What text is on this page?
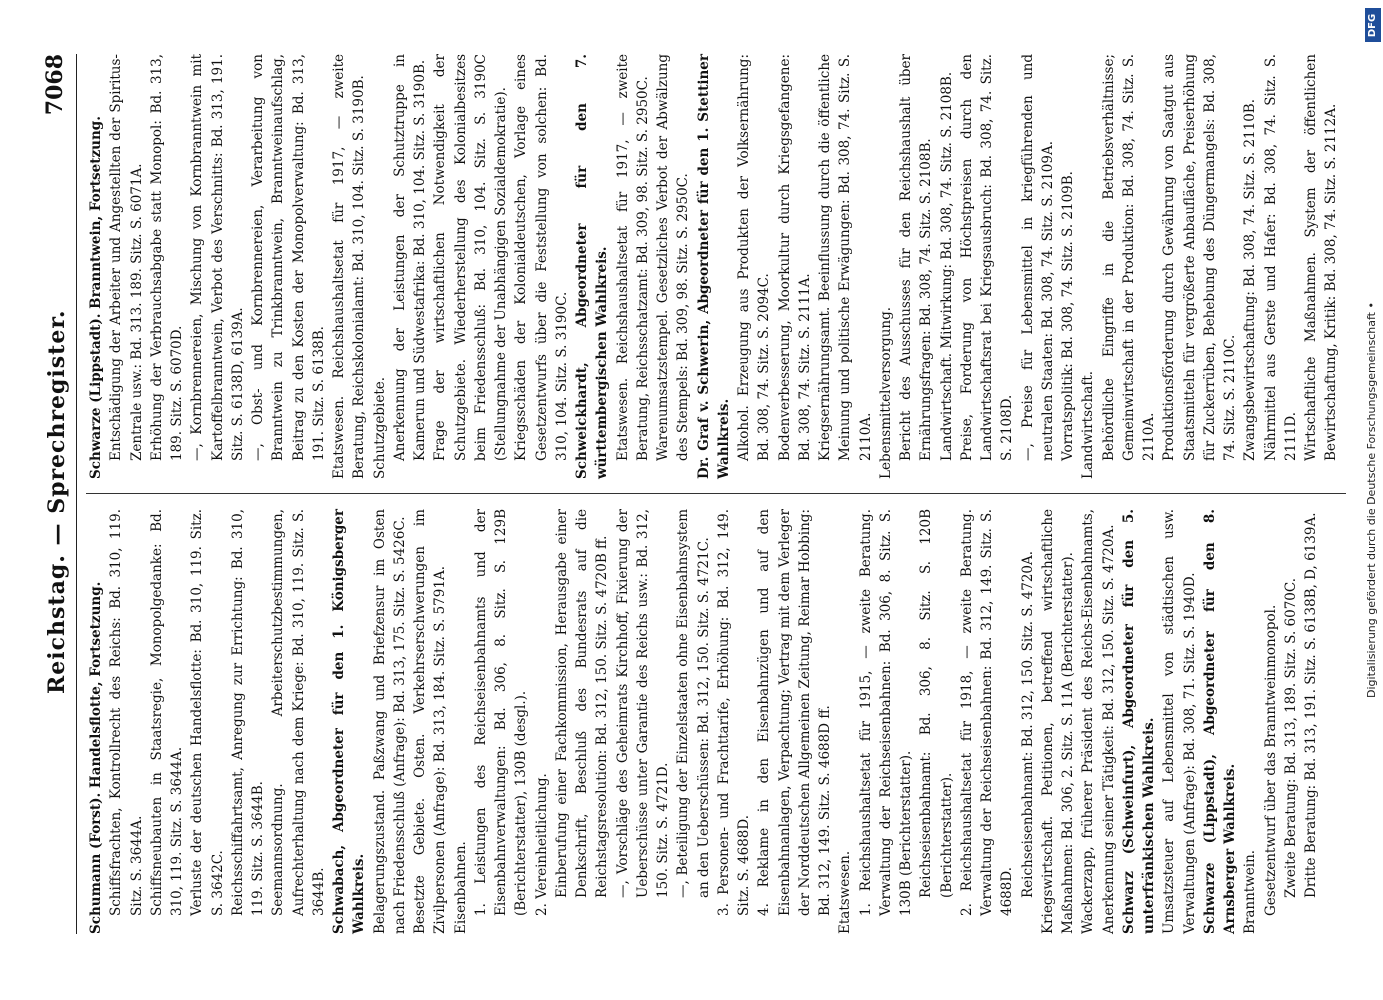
Reichstag. — Sprechregister.
7068

Schumann (Forst). Handelsflotte, Fortsetzung. Schiffsfrachten, Kontrollrecht des Reichs: Bd. 310, 119. Sitz. S. 3644A. Schiffsneubauten in Staatsregie, Monopolgedanke: Bd. 310, 119. Sitz. S. 3644A. Verluste der deutschen Handelsflotte: Bd. 310, 119. Sitz. S. 3642C. Reichsschiffahrtsamt, Anregung zur Errichtung: Bd. 310, 119. Sitz. S. 3644B. Seemannsordnung. Arbeiterschutzbestimmungen, Aufrechterhaltung nach dem Kriege: Bd. 310, 119. Sitz. S. 3644B. Schwabach, Abgeordneter für den 1. Königsberger Wahlkreis. Belagerungszustand. Paßzwang und Briefzensur im Osten nach Friedensschluß (Anfrage): Bd. 313, 175. Sitz. S. 5426C. Besetzte Gebiete. Osten. Verkehrserschwerungen im Zivilpersonen (Anfrage): Bd. 313, 184. Sitz. S. 5791A. Eisenbahnen. 1. Leistungen des Reichseisenbahnamts und der Eisenbahnverwaltungen: Bd. 306, 8. Sitz. S. 129B (Berichterstatter), 130B (desgl.). 2. Vereinheitlichung. Einberufung einer Fachkommission, Herausgabe einer Denkschrift, Beschluß des Bundesrats auf die Reichstagsresolution: Bd. 312, 150. Sitz. S. 4720B ff. —, Vorschläge des Geheimrats Kirchhoff, Fixierung der Ueberschüsse unter Garantie des Reichs usw.: Bd. 312, 150. Sitz. S. 4721D. —, Beteiligung der Einzelstaaten ohne Eisenbahnsystem an den Ueberschüssen: Bd. 312, 150. Sitz. S. 4721C. 3. Personen- und Frachttarife, Erhöhung: Bd. 312, 149. Sitz. S. 4688D. 4. Reklame in den Eisenbahnzügen und auf den Eisenbahnanlagen, Verpachtung; Vertrag mit dem Verleger der Norddeutschen Allgemeinen Zeitung, Reimar Hobbing: Bd. 312, 149. Sitz. S. 4688D ff. Etatswesen. 1. Reichshaushaltsetat für 1915, — zweite Beratung. Verwaltung der Reichseisenbahnen: Bd. 306, 8. Sitz. S. 130B (Berichterstatter). Reichseisenbahnamt: Bd. 306, 8. Sitz. S. 120B (Berichterstatter). 2. Reichshaushaltsetat für 1918, — zweite Beratung. Verwaltung der Reichseisenbahnen: Bd. 312, 149. Sitz. S. 4688D. Reichseisenbahnamt: Bd. 312, 150. Sitz. S. 4720A. Kriegswirtschaft. Petitionen, betreffend wirtschaftliche Maßnahmen: Bd. 306, 2. Sitz. S. 11A (Berichterstatter). Wackerzapp, früherer Präsident des Reichs-Eisenbahnamts, Anerkennung seiner Tätigkeit: Bd. 312, 150. Sitz. S. 4720A. Schwarz (Schweinfurt), Abgeordneter für den 5. unterfränkischen Wahlkreis. Umsatzsteuer auf Lebensmittel von städtischen usw. Verwaltungen (Anfrage): Bd. 308, 71. Sitz. S. 1940D. Schwarze (Lippstadt), Abgeordneter für den 8. Arnsberger Wahlkreis. Branntwein. Gesetzentwurf über das Branntweinmonopol. Zweite Beratung: Bd. 313, 189. Sitz. S. 6070C. Dritte Beratung: Bd. 313, 191. Sitz. S. 6138B, D, 6139A.

Schwarze (Lippstadt). Branntwein, Fortsetzung. Entschädigung der Arbeiter und Angestellten der Spiritus-Zentrale usw.: Bd. 313. 189. Sitz. S. 6071A. Erhöhung der Verbrauchsabgabe statt Monopol: Bd. 313, 189. Sitz. S. 6070D. —, Kornbrennereien, Mischung von Kornbranntwein mit Kartoffelbranntwein, Verbot des Verschnitts: Bd. 313, 191. Sitz. S. 6138D, 6139A. —, Obst- und Kornbrennereien, Verarbeitung von Branntwein zu Trinkbranntwein, Branntweinaufschlag, Beitrag zu den Kosten der Monopolverwaltung: Bd. 313, 191. Sitz. S. 6138B. Etatswesen. Reichshaushaltsetat für 1917, — zweite Beratung, Reichskolonialamt: Bd. 310, 104. Sitz. S. 3190B. Schutzgebiete. Anerkennung der Leistungen der Schutztruppe in Kamerun und Südwestafrika: Bd. 310, 104. Sitz. S. 3190B. Frage der wirtschaftlichen Notwendigkeit der Schutzgebiete. Wiederherstellung des Kolonialbesitzes beim Friedensschluß: Bd. 310, 104. Sitz. S. 3190C (Stellungnahme der Unabhängigen Sozialdemokratie). Kriegsschäden der Kolonialdeutschen, Vorlage eines Gesetzentwurfs über die Feststellung von solchen: Bd. 310, 104. Sitz. S. 3190C. Schweickhardt, Abgeordneter für den 7. württembergischen Wahlkreis. Etatswesen. Reichshaushaltsetat für 1917, — zweite Beratung, Reichsschatzamt: Bd. 309, 98. Sitz. S. 2950C. Warenumsatzstempel. Gesetzliches Verbot der Abwälzung des Stempels: Bd. 309, 98. Sitz. S. 2950C. Dr. Graf v. Schwerin, Abgeordneter für den 1. Stettiner Wahlkreis. Alkohol. Erzeugung aus Produkten der Volksernährung: Bd. 308, 74. Sitz. S. 2094C. Bodenverbesserung, Moorkultur durch Kriegsgefangene: Bd. 308, 74. Sitz. S. 2111A. Kriegsernährungsamt. Beeinflussung durch die öffentliche Meinung und politische Erwägungen: Bd. 308, 74. Sitz. S. 2110A. Lebensmittelversorgung. Bericht des Ausschusses für den Reichshaushalt über Ernährungsfragen: Bd. 308, 74. Sitz. S. 2108B. Landwirtschaft. Mitwirkung: Bd. 308, 74. Sitz. S. 2108B. Preise, Forderung von Höchstpreisen durch den Landwirtschaftsrat bei Kriegsausbruch: Bd. 308, 74. Sitz. S. 2108D. —, Preise für Lebensmittel in kriegführenden und neutralen Staaten: Bd. 308, 74. Sitz. S. 2109A. Vorratspolitik: Bd. 308, 74. Sitz. S. 2109B. Landwirtschaft. Behördliche Eingriffe in die Betriebsverhältnisse; Gemeinwirtschaft in der Produktion: Bd. 308, 74. Sitz. S. 2110A. Produktionsförderung durch Gewährung von Saatgut aus Staatsmitteln für vergrößerte Anbaufläche, Preiserhöhung für Zuckerrüben, Behebung des Düngermangels: Bd. 308, 74. Sitz. S. 2110C. Zwangsbewirtschaftung: Bd. 308, 74. Sitz. S. 2110B. Nährmittel aus Gerste und Hafer: Bd. 308, 74. Sitz. S. 2111D. Wirtschaftliche Maßnahmen. System der öffentlichen Bewirtschaftung, Kritik: Bd. 308, 74. Sitz. S. 2112A.

DFG
Digitalisierung gefördert durch die Deutsche Forschungsgemeinschaft •
